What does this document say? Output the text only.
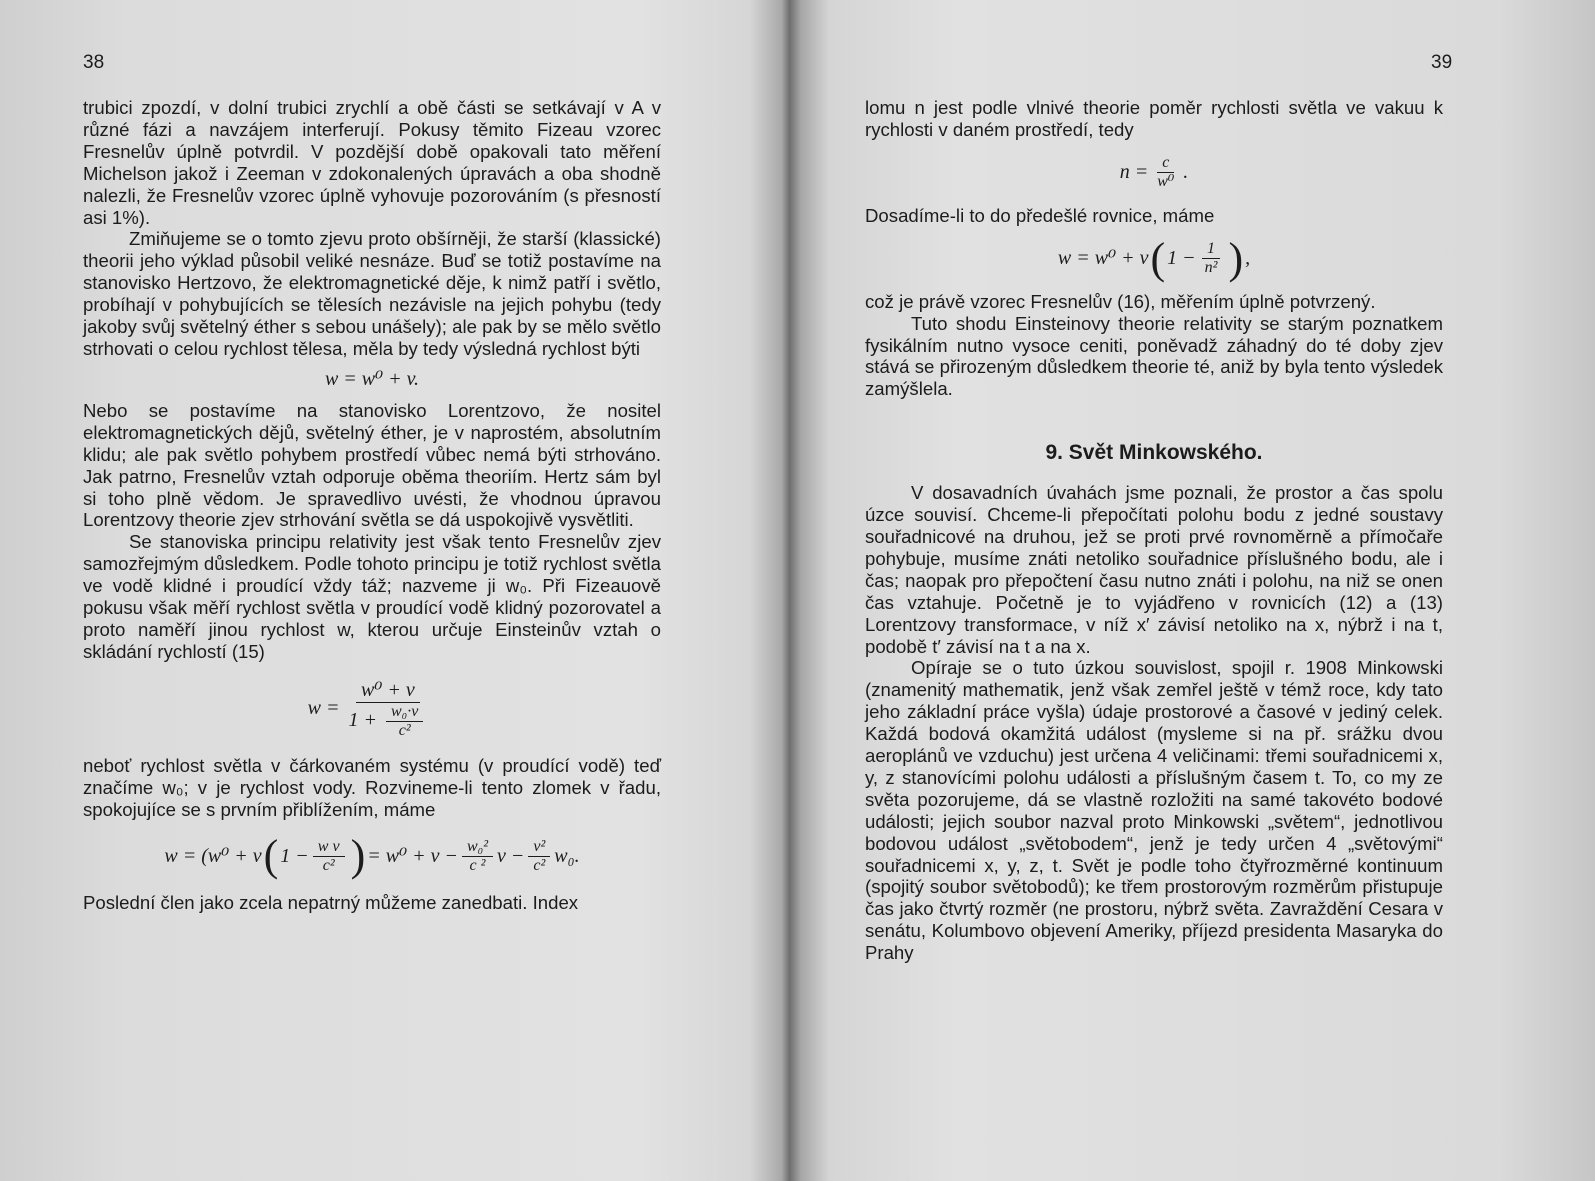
38

trubici zpozdí, v dolní trubici zrychlí a obě části se setkávají v A v různé fázi a navzájem interferují. Pokusy těmito Fizeau vzorec Fresnelův úplně potvrdil. V pozdější době opakovali tato měření Michelson jakož i Zeeman v zdokonalených úpravách a oba shodně nalezli, že Fresnelův vzorec úplně vyhovuje pozorováním (s přesností asi 1%).

Zmiňujeme se o tomto zjevu proto obšírněji, že starší (klassické) theorii jeho výklad působil veliké nesnáze. Buď se totiž postavíme na stanovisko Hertzovo, že elektromagnetické děje, k nimž patří i světlo, probíhají v pohybujících se tělesích nezávisle na jejich pohybu (tedy jakoby svůj světelný éther s sebou unášely); ale pak by se mělo světlo strhovati o celou rychlost tělesa, měla by tedy výsledná rychlost býti

w = w⁰ + v.

Nebo se postavíme na stanovisko Lorentzovo, že nositel elektromagnetických dějů, světelný éther, je v naprostém, absolutním klidu; ale pak světlo pohybem prostředí vůbec nemá býti strhováno. Jak patrno, Fresnelův vztah odporuje oběma theoriím. Hertz sám byl si toho plně vědom. Je spravedlivo uvésti, že vhodnou úpravou Lorentzovy theorie zjev strhování světla se dá uspokojivě vysvětliti.

Se stanoviska principu relativity jest však tento Fresnelův zjev samozřejmým důsledkem. Podle tohoto principu je totiž rychlost světla ve vodě klidné i proudící vždy táž; nazveme ji w₀. Při Fizeauově pokusu však měří rychlost světla v proudící vodě klidný pozorovatel a proto naměří jinou rychlost w, kterou určuje Einsteinův vztah o skládání rychlostí (15)

$w = \frac{\text{w⁰ + v}}{1 + \frac{\text{w₀·v}}{\text{c²}}}$

neboť rychlost světla v čárkovaném systému (v proudící vodě) teď značíme w₀; v je rychlost vody. Rozvineme-li tento zlomek v řadu, spokojujíce se s prvním přiblížením, máme

w = (w⁰ + v ( $1 - \frac{\text{w v}}{\text{c²}}$ ) = $w^0 + v - \frac{\text{w₀²}}{\text{c ²}}$ $v - \frac{\text{v²}}{\text{c²}} w_0$.

Poslední člen jako zcela nepatrný můžeme zanedbati. Index

39

lomu n jest podle vlnivé theorie poměr rychlosti světla ve vakuu k rychlosti v daném prostředí, tedy

$n = \frac{c}{\text{w⁰}}$ .

Dosadíme-li to do předešlé rovnice, máme

w = w⁰ + v ( $1 - \frac{1}{\text{n²}}$ ) ,

což je právě vzorec Fresnelův (16), měřením úplně potvrzený.

Tuto shodu Einsteinovy theorie relativity se starým poznatkem fysikálním nutno vysoce ceniti, poněvadž záhadný do té doby zjev stává se přirozeným důsledkem theorie té, aniž by byla tento výsledek zamýšlela.

9. Svět Minkowského.

V dosavadních úvahách jsme poznali, že prostor a čas spolu úzce souvisí. Chceme-li přepočítati polohu bodu z jedné soustavy souřadnicové na druhou, jež se proti prvé rovnoměrně a přímočaře pohybuje, musíme znáti netoliko souřadnice příslušného bodu, ale i čas; naopak pro přepočtení času nutno znáti i polohu, na niž se onen čas vztahuje. Početně je to vyjádřeno v rovnicích (12) a (13) Lorentzovy transformace, v níž x′ závisí netoliko na x, nýbrž i na t, podobě t′ závisí na t a na x.

Opíraje se o tuto úzkou souvislost, spojil r. 1908 Minkowski (znamenitý mathematik, jenž však zemřel ještě v témž roce, kdy tato jeho základní práce vyšla) údaje prostorové a časové v jediný celek. Každá bodová okamžitá událost (mysleme si na př. srážku dvou aeroplánů ve vzduchu) jest určena 4 veličinami: třemi souřadnicemi x, y, z stanovícími polohu události a příslušným časem t. To, co my ze světa pozorujeme, dá se vlastně rozložiti na samé takovéto bodové události; jejich soubor nazval proto Minkowski „světem“, jednotlivou bodovou událost „světobodem“, jenž je tedy určen 4 „světovými“ souřadnicemi x, y, z, t. Svět je podle toho čtyřrozměrné kontinuum (spojitý soubor světobodů); ke třem prostorovým rozměrům přistupuje čas jako čtvrtý rozměr (ne prostoru, nýbrž světa. Zavraždění Cesara v senátu, Kolumbovo objevení Ameriky, příjezd presidenta Masaryka do Prahy
